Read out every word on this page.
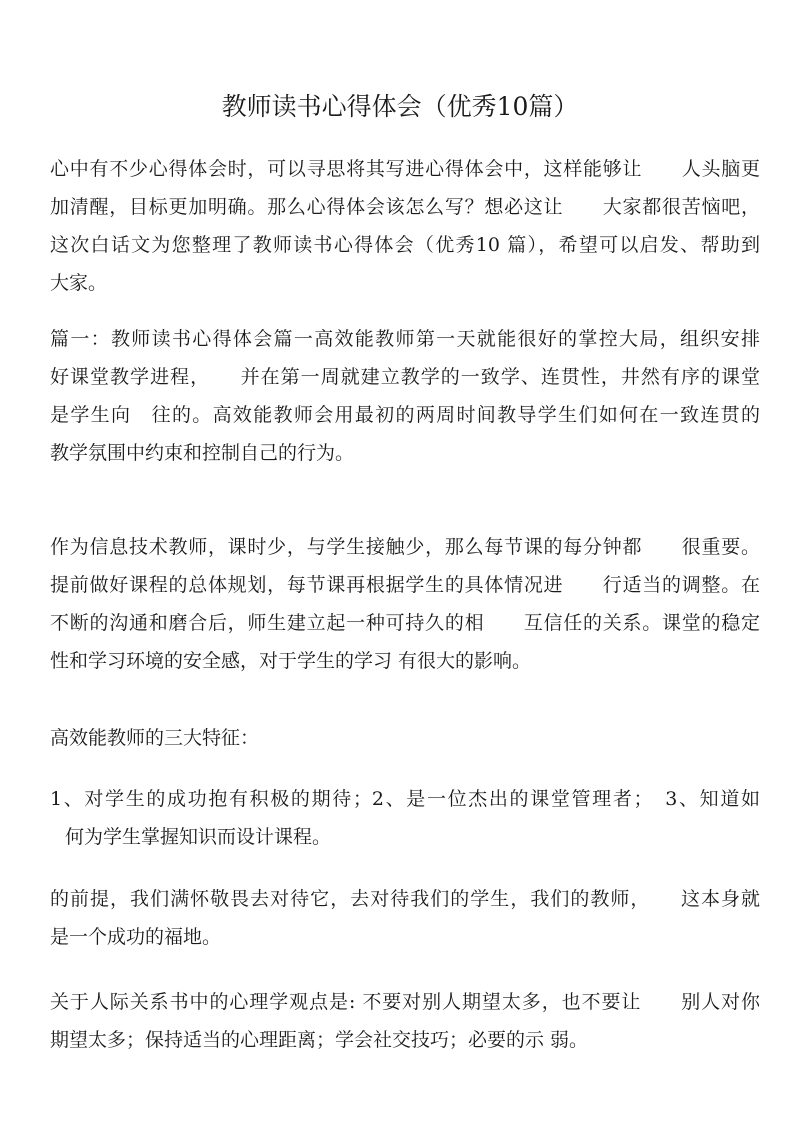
教师读书心得体会（优秀10篇）
心中有不少心得体会时，可以寻思将其写进心得体会中，这样能够让　　人头脑更
加清醒，目标更加明确。那么心得体会该怎么写？想必这让　　大家都很苦恼吧，
这次白话文为您整理了教师读书心得体会（优秀10 篇），希望可以启发、帮助到
大家。
篇一：教师读书心得体会篇一高效能教师第一天就能很好的掌控大局，组织安排
好课堂教学进程，　　并在第一周就建立教学的一致学、连贯性，井然有序的课堂
是学生向　往的。高效能教师会用最初的两周时间教导学生们如何在一致连贯的
教学氛围中约束和控制自己的行为。
作为信息技术教师，课时少，与学生接触少，那么每节课的每分钟都　　很重要。
提前做好课程的总体规划，每节课再根据学生的具体情况进　　行适当的调整。在
不断的沟通和磨合后，师生建立起一种可持久的相　　互信任的关系。课堂的稳定
性和学习环境的安全感，对于学生的学习 有很大的影响。
高效能教师的三大特征：
1、对学生的成功抱有积极的期待；2、是一位杰出的课堂管理者；　3、知道如
何为学生掌握知识而设计课程。
的前提，我们满怀敬畏去对待它，去对待我们的学生，我们的教师，　　这本身就
是一个成功的福地。
关于人际关系书中的心理学观点是: 不要对别人期望太多，也不要让　　别人对你
期望太多；保持适当的心理距离；学会社交技巧；必要的示 弱。
